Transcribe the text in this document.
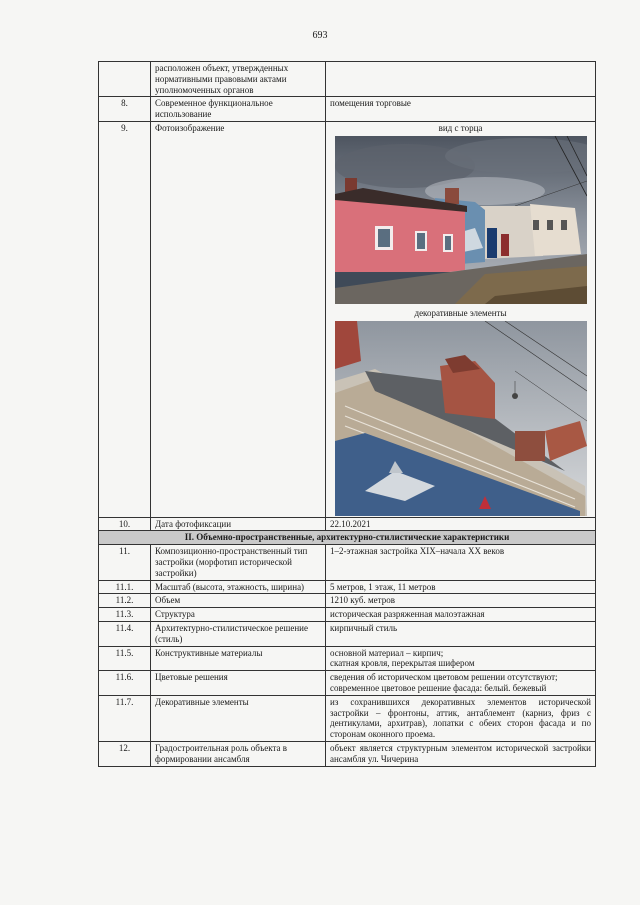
693
	расположен объект, утвержденных нормативными правовыми актами уполномоченных органов	
8.	Современное функциональное использование	помещения торговые
9.	Фотоизображение	вид с торца
декоративные элементы

10.	Дата фотофиксации	22.10.2021
II. Объемно-пространственные, архитектурно-стилистические характеристики		
11.	Композиционно-пространственный тип застройки (морфотип исторической застройки)	1–2-этажная застройка XIX–начала XX веков
11.1.	Масштаб (высота, этажность, ширина)	5 метров, 1 этаж, 11 метров
11.2.	Объем	1210 куб. метров
11.3.	Структура	историческая разряженная малоэтажная
11.4.	Архитектурно-стилистическое решение (стиль)	кирпичный стиль
11.5.	Конструктивные материалы	основной материал – кирпич;
скатная кровля, перекрытая шифером

11.6.	Цветовые решения	сведения об историческом цветовом решении отсутствуют;
современное цветовое решение фасада: белый. бежевый

11.7.	Декоративные элементы	из сохранившихся декоративных элементов исторической застройки – фронтоны, аттик, антаблемент (карниз, фриз с дентикулами, архитрав), лопатки с обеих сторон фасада и по сторонам оконного проема.
12.	Градостроительная роль объекта в формировании ансамбля	объект является структурным элементом исторической застройки ансамбля ул. Чичерина
